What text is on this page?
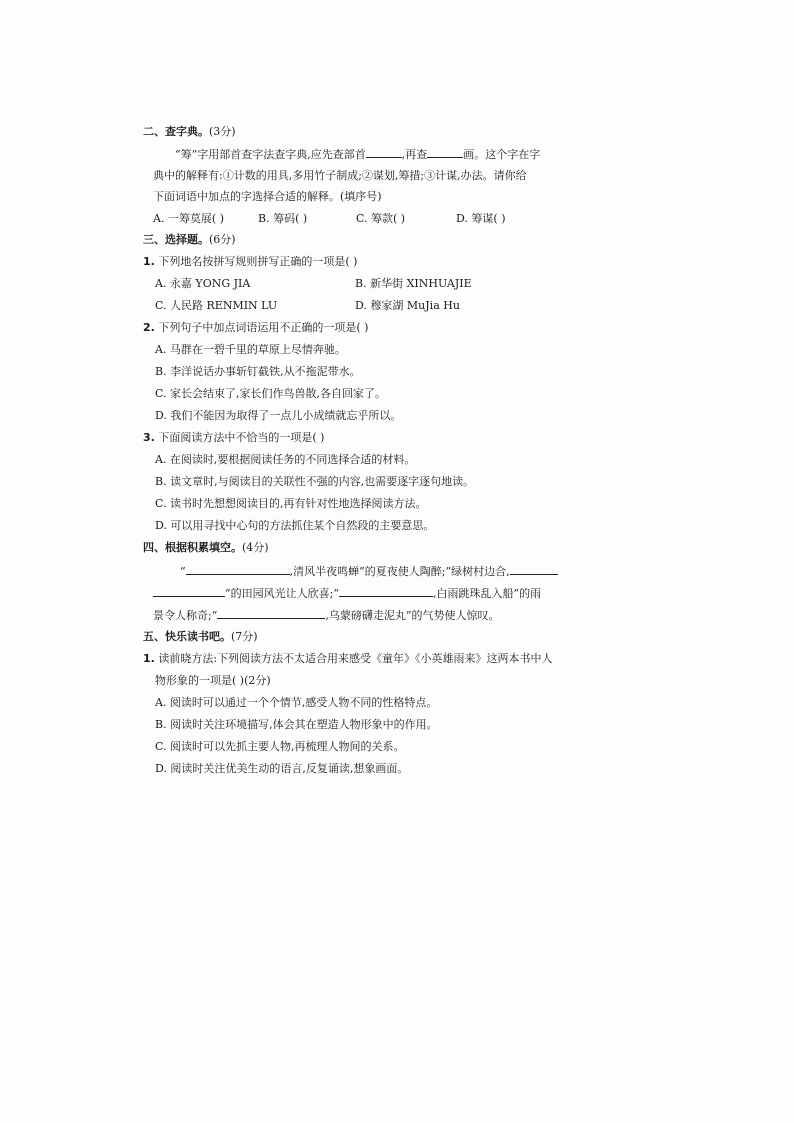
二、查字典。(3分)
“筹”字用部首查字法查字典,应先查部首	,再查	画。这个字在字
典中的解释有:①计数的用具,多用竹子制成;②谋划,筹措;③计谋,办法。请你给
下面词语中加点的字选择合适的解释。(填序号)
A. 一筹莫展( )	B. 筹码( )	C. 筹款( )	D. 筹谋( )
三、选择题。(6分)
1. 下列地名按拼写规则拼写正确的一项是( )
A. 永嘉 YONG JIA	B. 新华街 XINHUAJIE
C. 人民路 RENMIN LU	D. 穆家湖 MuJia Hu
2. 下列句子中加点词语运用不正确的一项是( )
A. 马群在一碧千里的草原上尽情奔驰。
B. 李洋说话办事斩钉截铁,从不拖泥带水。
C. 家长会结束了,家长们作鸟兽散,各自回家了。
D. 我们不能因为取得了一点儿小成绩就忘乎所以。
3. 下面阅读方法中不恰当的一项是( )
A. 在阅读时,要根据阅读任务的不同选择合适的材料。
B. 读文章时,与阅读目的关联性不强的内容,也需要逐字逐句地读。
C. 读书时先想想阅读目的,再有针对性地选择阅读方法。
D. 可以用寻找中心句的方法抓住某个自然段的主要意思。
四、根据积累填空。(4分)
“	,清风半夜鸣蝉”的夏夜使人陶醉;“绿树村边合,
”的田园风光让人欣喜;“	,白雨跳珠乱入船”的雨
景令人称奇;“	,乌蒙磅礴走泥丸”的气势使人惊叹。
五、快乐读书吧。(7分)
1. 读前晓方法:下列阅读方法不太适合用来感受《童年》《小英雄雨来》这两本书中人
物形象的一项是( )(2分)
A. 阅读时可以通过一个个情节,感受人物不同的性格特点。
B. 阅读时关注环境描写,体会其在塑造人物形象中的作用。
C. 阅读时可以先抓主要人物,再梳理人物间的关系。
D. 阅读时关注优美生动的语言,反复诵读,想象画面。
